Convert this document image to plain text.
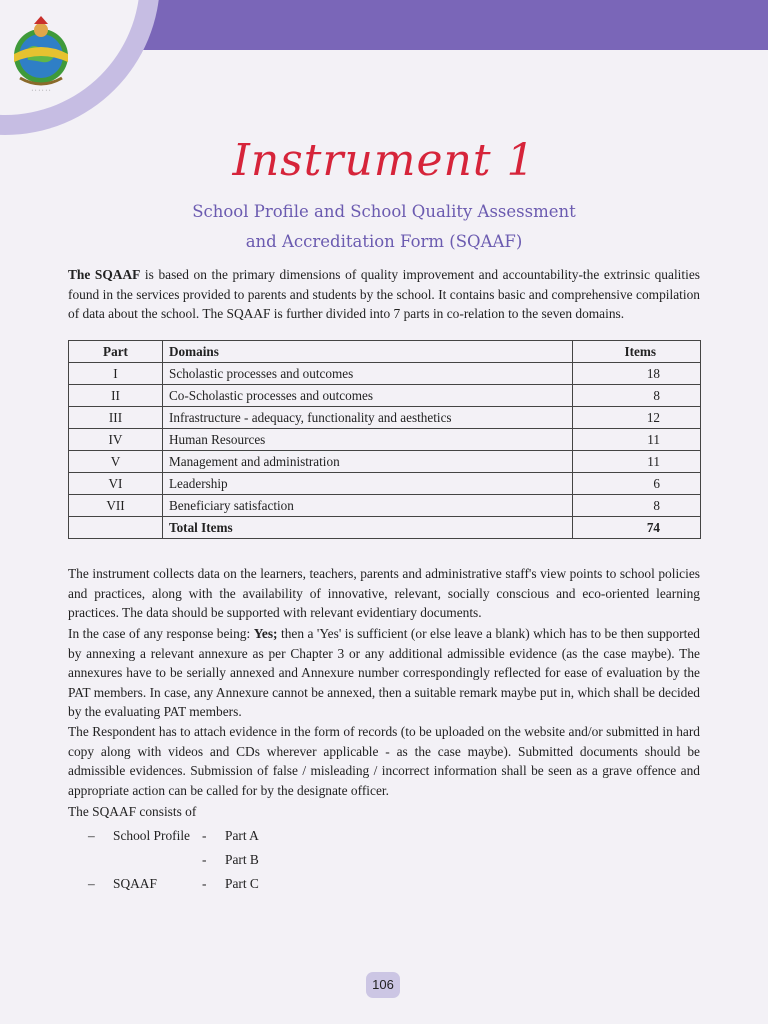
· · · · · ·
Instrument 1
School Profile and School Quality Assessment
and Accreditation Form (SQAAF)

The SQAAF is based on the primary dimensions of quality improvement and accountability-the extrinsic qualities found in the services provided to parents and students by the school. It contains basic and comprehensive compilation of data about the school. The SQAAF is further divided into 7 parts in co-relation to the seven domains.

Part	Domains	Items
I	Scholastic processes and outcomes	18
II	Co-Scholastic processes and outcomes	8
III	Infrastructure - adequacy, functionality and aesthetics	12
IV	Human Resources	11
V	Management and administration	11
VI	Leadership	6
VII	Beneficiary satisfaction	8
	Total Items	74

The instrument collects data on the learners, teachers, parents and administrative staff's view points to school policies and practices, along with the availability of innovative, relevant, socially conscious and eco-oriented learning practices. The data should be supported with relevant evidentiary documents.

In the case of any response being: Yes; then a 'Yes' is sufficient (or else leave a blank) which has to be then supported by annexing a relevant annexure as per Chapter 3 or any additional admissible evidence (as the case maybe). The annexures have to be serially annexed and Annexure number correspondingly reflected for ease of evaluation by the PAT members. In case, any Annexure cannot be annexed, then a suitable remark maybe put in, which shall be decided by the evaluating PAT members.

The Respondent has to attach evidence in the form of records (to be uploaded on the website and/or submitted in hard copy along with videos and CDs wherever applicable - as the case maybe). Submitted documents should be admissible evidences. Submission of false / misleading / incorrect information shall be seen as a grave offence and appropriate action can be called for by the designate officer.

The SQAAF consists of

– School Profile - Part A
- Part B
– SQAAF	- Part C
106
